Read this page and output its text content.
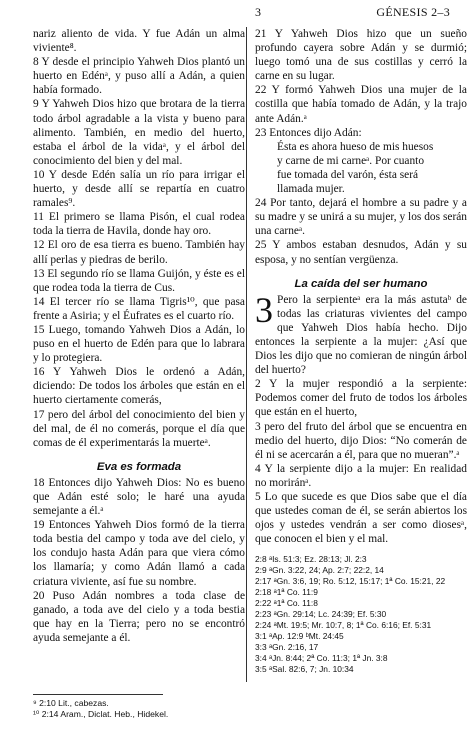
3	GÉNESIS 2–3

nariz aliento de vida. Y fue Adán un alma viviente⁸.

8 Y desde el principio Yahweh Dios plantó un huerto en Edénᵃ, y puso allí a Adán, a quien había formado.

9 Y Yahweh Dios hizo que brotara de la tierra todo árbol agradable a la vista y bueno para alimento. También, en medio del huerto, estaba el árbol de la vidaᵃ, y el árbol del conocimiento del bien y del mal.

10 Y desde Edén salía un río para irrigar el huerto, y desde allí se repartía en cuatro ramales⁹.

11 El primero se llama Pisón, el cual rodea toda la tierra de Havila, donde hay oro.

12 El oro de esa tierra es bueno. También hay allí perlas y piedras de berilo.

13 El segundo río se llama Guijón, y éste es el que rodea toda la tierra de Cus.

14 El tercer río se llama Tigris¹⁰, que pasa frente a Asiria; y el Éufrates es el cuarto río.

15 Luego, tomando Yahweh Dios a Adán, lo puso en el huerto de Edén para que lo labrara y lo protegiera.

16 Y Yahweh Dios le ordenó a Adán, diciendo: De todos los árboles que están en el huerto ciertamente comerás,

17 pero del árbol del conocimiento del bien y del mal, de él no comerás, porque el día que comas de él experimentarás la muerteᵃ.

Eva es formada

18 Entonces dijo Yahweh Dios: No es bueno que Adán esté solo; le haré una ayuda semejante a él.ᵃ

19 Entonces Yahweh Dios formó de la tierra toda bestia del campo y toda ave del cielo, y los condujo hasta Adán para que viera cómo los llamaría; y como Adán llamó a cada criatura viviente, así fue su nombre.

20 Puso Adán nombres a toda clase de ganado, a toda ave del cielo y a toda bestia que hay en la Tierra; pero no se encontró ayuda semejante a él.

21 Y Yahweh Dios hizo que un sueño profundo cayera sobre Adán y se durmió; luego tomó una de sus costillas y cerró la carne en su lugar.

22 Y formó Yahweh Dios una mujer de la costilla que había tomado de Adán, y la trajo ante Adán.ᵃ

23 Entonces dijo Adán:

Ésta es ahora hueso de mis huesos
y carne de mi carneᵃ. Por cuanto
fue tomada del varón, ésta será
llamada mujer.

24 Por tanto, dejará el hombre a su padre y a su madre y se unirá a su mujer, y los dos serán una carneᵃ.

25 Y ambos estaban desnudos, Adán y su esposa, y no sentían vergüenza.

La caída del ser humano

3 Pero la serpienteᵃ era la más astutaᵇ de todas las criaturas vivientes del campo que Yahweh Dios había hecho. Dijo entonces la serpiente a la mujer: ¿Así que Dios les dijo que no comieran de ningún árbol del huerto?

2 Y la mujer respondió a la serpiente: Podemos comer del fruto de todos los árboles que están en el huerto,

3 pero del fruto del árbol que se encuentra en medio del huerto, dijo Dios: “No comerán de él ni se acercarán a él, para que no mueran”.ᵃ

4 Y la serpiente dijo a la mujer: En realidad no moriránᵃ.

5 Lo que sucede es que Dios sabe que el día que ustedes coman de él, se serán abiertos los ojos y ustedes vendrán a ser como diosesᵃ, que conocen el bien y el mal.

2:8 ᵃIs. 51:3; Ez. 28:13; Jl. 2:3
2:9 ᵃGn. 3:22, 24; Ap. 2:7; 22:2, 14
2:17 ᵃGn. 3:6, 19; Ro. 5:12, 15:17; 1ª Co. 15:21, 22
2:18 ᵃ1ª Co. 11:9
2:22 ᵃ1ª Co. 11:8
2:23 ᵃGn. 29:14; Lc. 24:39; Ef. 5:30
2:24 ᵃMt. 19:5; Mr. 10:7, 8; 1ª Co. 6:16; Ef. 5:31
3:1 ᵃAp. 12:9 ᵇMt. 24:45
3:3 ᵃGn. 2:16, 17
3:4 ᵃJn. 8:44; 2ª Co. 11:3; 1ª Jn. 3:8
3:5 ᵃSal. 82:6, 7; Jn. 10:34
⁹ 2:10 Lit., cabezas.
¹⁰ 2:14 Aram., Diclat. Heb., Hidekel.
